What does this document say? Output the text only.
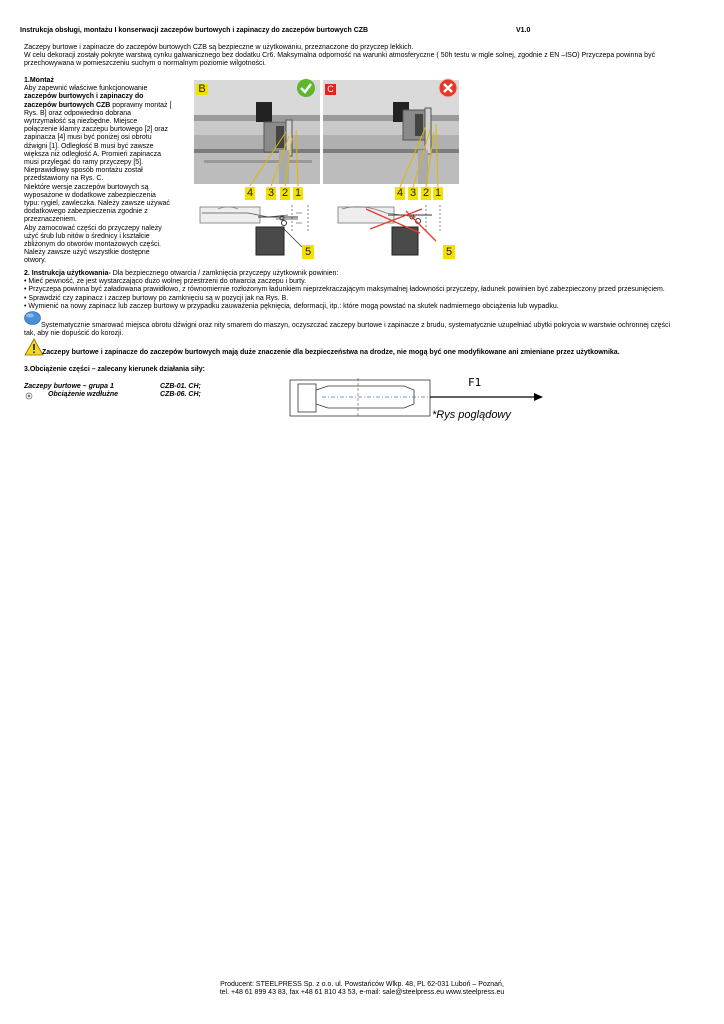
Instrukcja obsługi, montażu I konserwacji zaczepów burtowych i zapinaczy do zaczepów burtowych CZB	V1.0

Zaczepy burtowe i zapinacze do zaczepów burtowych CZB są bezpieczne w użytkowaniu, przeznaczone do przyczep lekkich.

W celu dekoracji zostały pokryte warstwą cynku galwanicznego bez dodatku Cr6. Maksymalna odporność na warunki atmosferyczne ( 50h testu w mgle solnej, zgodnie z EN –ISO) Przyczepa powinna być

przechowywana w pomieszczeniu suchym o normalnym poziomie wilgotności.

1.Montaż

Aby zapewnić właściwe funkcjonowanie

zaczepów burtowych i zapinaczy do

zaczepów burtowych CZB poprawny montaż [

Rys. B] oraz odpowiednio dobrana

wytrzymałość są niezbędne. Miejsce

połączenie klamry zaczepu burtowego [2] oraz

zapinacza [4] musi być poniżej osi obrotu

dźwigni [1]. Odległość B musi być zawsze

większa niż odległość A. Promień zapinacza

musi przylegać do ramy przyczepy [5].

Nieprawidłowy sposób montażu został

przedstawiony na Rys. C.

Niektóre wersje zaczepów burtowych są

wyposażone w dodatkowe zabezpieczenia

typu: rygiel, zawleczka. Należy zawsze używać

dodatkowego zabezpieczenia zgodnie z

przeznaczeniem.

Aby zamocować części do przyczepy należy

użyć śrub lub nitów o średnicy i kształcie

zbliżonym do otworów montażowych części.

Należy zawsze użyć wszystkie dostępne

otwory.

B
4 3 2 1
C
4 3 2 1
5	5

2. Instrukcja użytkowania- Dla bezpiecznego otwarcia / zamknięcia przyczepy użytkownik powinien:

• Mieć pewność, że jest wystarczająco dużo wolnej przestrzeni do otwarcia zaczepu i burty.

• Przyczepa powinna być załadowana prawidłowo, z równomiernie rozłożonym ładunkiem nieprzekraczającym maksymalnej ładowności przyczepy, ładunek powinien być zabezpieczony przed przesunięciem.

• Sprawdzić czy zapinacz i zaczep burtowy po zamknięciu są w pozycji jak na Rys. B.

• Wymienić na nowy zapinacz lub zaczep burtowy w przypadku zauważenia pęknięcia, deformacji, itp.: które mogą powstać na skutek nadmiernego obciążenia lub wypadku.

Systematycznie smarować miejsca obrotu dźwigni oraz nity smarem do maszyn, oczyszczać zaczepy burtowe i zapinacze z brudu, systematycznie uzupełniać ubytki pokrycia w warstwie ochronnej części
tak, aby nie dopuścić do korozji.
Zaczepy burtowe i zapinacze do zaczepów burtowych mają duże znaczenie dla bezpieczeństwa na drodze, nie mogą być one modyfikowane ani zmieniane przez użytkownika.
3.Obciążenie części – zalecany kierunek działania siły:
Zaczepy burtowe – grupa 1	CZB-01. CH;
Obciążenie wzdłużne	CZB-06. CH;
F1
*Rys poglądowy
Producent: STEELPRESS Sp. z o.o. ul. Powstańców Wlkp. 48, PL 62-031 Luboń – Poznań,
tel. +48 61 899 43 83, fax +48 61 810 43 53, e-mail: sale@steelpress.eu www.steelpress.eu
